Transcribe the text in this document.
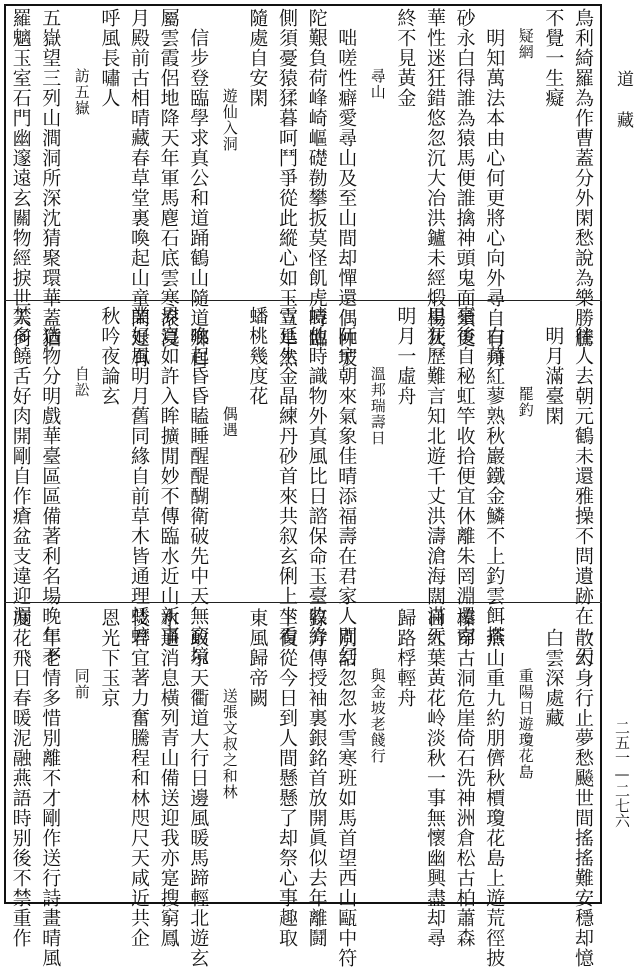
鳥利綺羅為作曹蓋分外閑愁說為樂勝騰
不覺一生癡
疑網
明知萬法本由心何更將心向外尋自有丹
砂永白得誰為猿馬便誰擒神頭鬼面須更
華性迷狂錯悠忽沉大冶洪鑪未經煅楊灰
終不見黃金
尋山
咄嗟性癖愛尋山及至山間却憚還偶仲坡
陀艱負荷峰崎嶇礎勌攀扳莫怪飢虎時臨
側須憂猿猱暮呵鬥爭從此縱心如玉立阜然
隨處自安閑
遊仙入洞
信步登臨學求真公和道踊鶴山隨道鄉自
屬雲霞侶地降天年軍馬麀石底雲寒滾浸
月殿前古相晴藏春草堂裏喚起山童問退有
呼風長嘯人
訪五嶽
五嶽望三列山澗洞所深沈猜聚環華蓋猶
羅魑玉室石門幽邃遠玄關物經捩世人何
往人去朝元鶴未還雅操不問遺跡在一天
明月滿臺閑
罷釣
白蘋紅蓼熟秋巖鐵金鱗不上釣雲餌搭
臺後自秘虹竿收拾便宜休離朱罔淵還南
里狂歷難言知北遊千丈洪濤滄海闊滿天
明月一虛舟
溫邦瑞壽日
阮宇朝來氣象佳晴添福壽在君家人間幻
境他時識物外真風比日諮保命玉臺收絳
雪延生金晶練丹砂首來共叙玄俐上坐看
蟠桃幾度花
偶遇
喚起昏昏瞌睡醒醍醐衛破先中天無窮境
界寬如許入眸擴閒妙不傳臨水近山新事
業好風明月舊同緣自前草木皆通理蟋蟀
秋吟夜論玄
自訟
造物分明戲華臺區區備著利名場晚年不
禁多饒舌好肉開剛自作瘡盆支違迎漏
散幻身行止夢愁飈世間搖搖難安穩却憶
白雲深處藏
重陽日遊瓊花島
燕山重九約朋儕秋檟瓊花島上遊荒徑披
榛穿古洞危崖倚石洗神洲倉松古柏蕭森
日紅葉黃花岭淡秋一事無懷幽興盡却尋
歸路桴輕舟
與金坡老餞行
別話忽忽水雪寒班如馬首望西山甌中符
籙方傳授袖裏銀銘首放開眞似去年離鬪
下復從今日到人間懸懸了却祭心事趣取
東風歸帝闕
送張文叔之和林
政尔天衢道大行日邊風暖馬蹄輕北遊玄
水通消息橫列青山備送迎我亦寔搜窮鳳
伎君宜著力奮騰程和林咫尺天咸近共企
恩光下玉京
同前
年老情多惜別離不才剛作送行詩畫晴風
度花飛日春暖泥融燕語時别後不禁重作
道 藏
二五一—二七六
